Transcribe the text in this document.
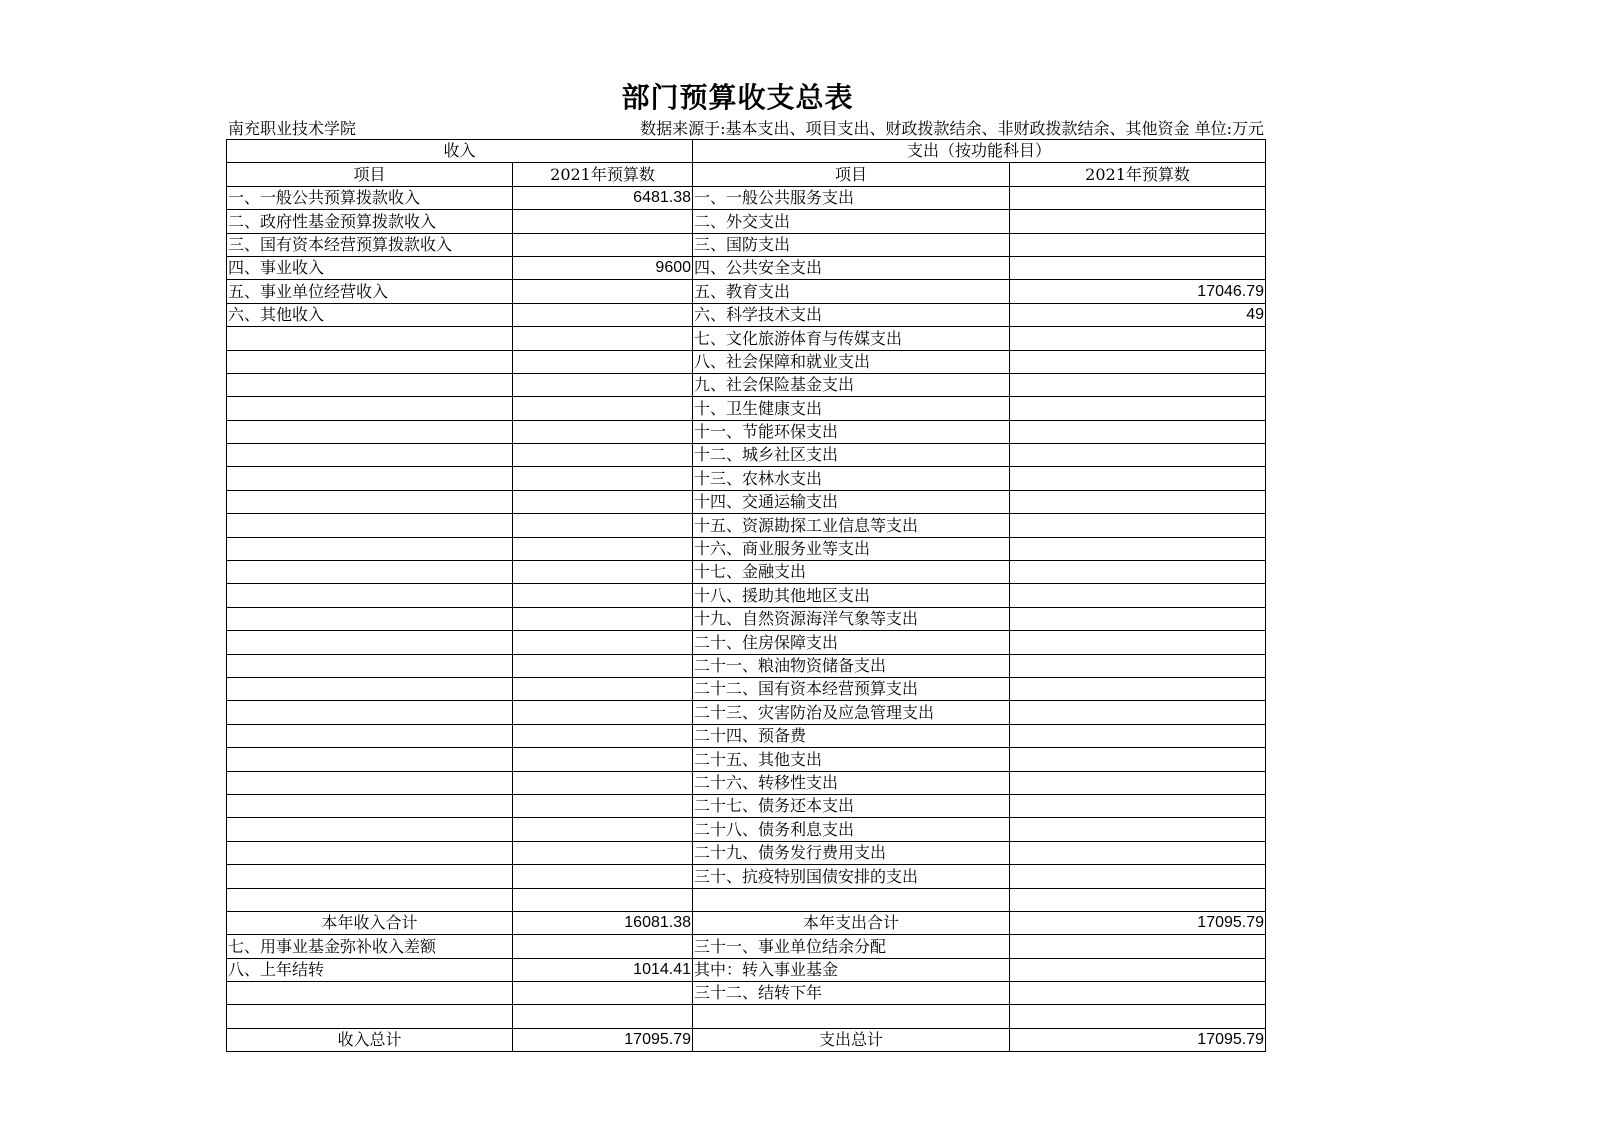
部门预算收支总表
南充职业技术学院	数据来源于:基本支出、项目支出、财政拨款结余、非财政拨款结余、其他资金 单位:万元
收入		支出（按功能科目）	
项目	2021年预算数	项目	2021年预算数
一、一般公共预算拨款收入	6481.38	一、一般公共服务支出	
二、政府性基金预算拨款收入		二、外交支出	
三、国有资本经营预算拨款收入		三、国防支出	
四、事业收入	9600	四、公共安全支出	
五、事业单位经营收入		五、教育支出	17046.79
六、其他收入		六、科学技术支出	49
		七、文化旅游体育与传媒支出	
		八、社会保障和就业支出	
		九、社会保险基金支出	
		十、卫生健康支出	
		十一、节能环保支出	
		十二、城乡社区支出	
		十三、农林水支出	
		十四、交通运输支出	
		十五、资源勘探工业信息等支出	
		十六、商业服务业等支出	
		十七、金融支出	
		十八、援助其他地区支出	
		十九、自然资源海洋气象等支出	
		二十、住房保障支出	
		二十一、粮油物资储备支出	
		二十二、国有资本经营预算支出	
		二十三、灾害防治及应急管理支出	
		二十四、预备费	
		二十五、其他支出	
		二十六、转移性支出	
		二十七、债务还本支出	
		二十八、债务利息支出	
		二十九、债务发行费用支出	
		三十、抗疫特别国债安排的支出	

本年收入合计	16081.38	本年支出合计	17095.79
七、用事业基金弥补收入差额		三十一、事业单位结余分配	
八、上年结转	1014.41	其中：转入事业基金	
		三十二、结转下年	

收入总计	17095.79	支出总计	17095.79
